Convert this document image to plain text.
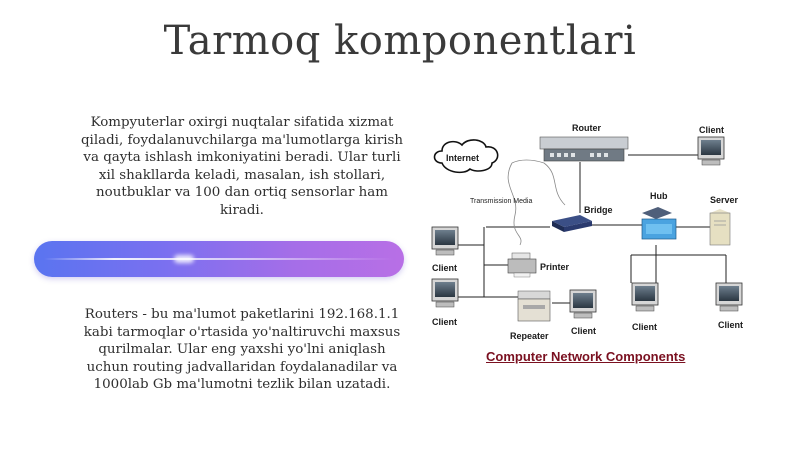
Tarmoq komponentlari
Kompyuterlar oxirgi nuqtalar sifatida xizmat qiladi, foydalanuvchilarga ma'lumotlarga kirish va qayta ishlash imkoniyatini beradi. Ular turli xil shakllarda keladi, masalan, ish stollari, noutbuklar va 100 dan ortiq sensorlar ham kiradi.
Routers - bu ma'lumot paketlarini 192.168.1.1 kabi tarmoqlar o'rtasida yo'naltiruvchi maxsus qurilmalar. Ular eng yaxshi yo'lni aniqlash uchun routing jadvallaridan foydalanadilar va 1000lab Gb ma'lumotni tezlik bilan uzatadi.
Internet
Router	Client
Transmission Media
Bridge
Hub	Server
Client	Printer
Client
Repeater Client	Client	Client
Computer Network Components
